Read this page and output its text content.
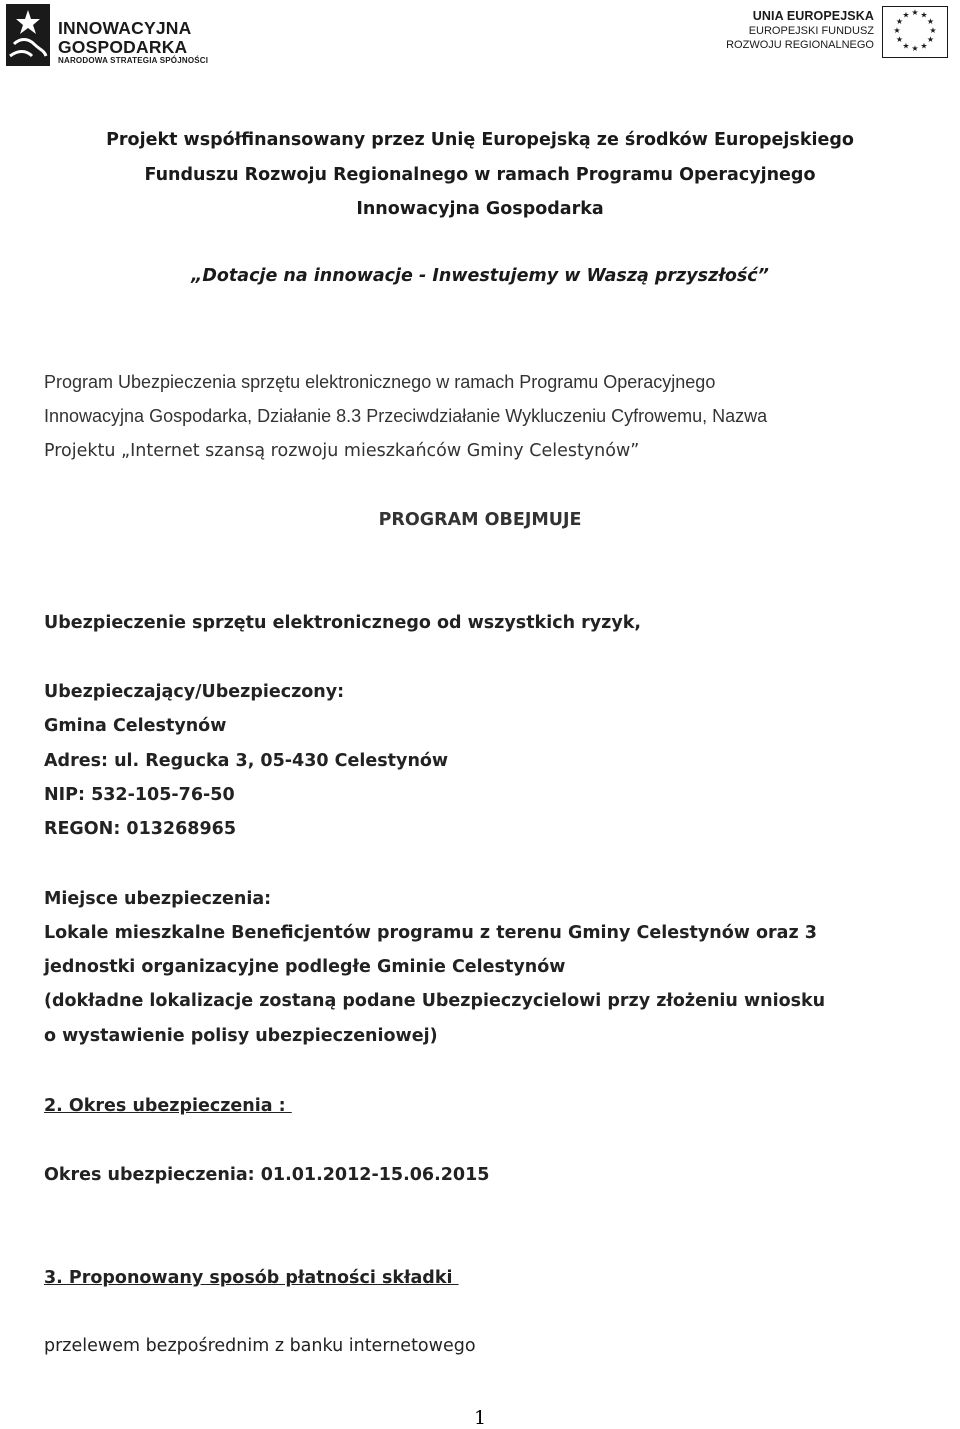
INNOWACYJNA
GOSPODARKA
NARODOWA STRATEGIA SPÓJNOŚCI
UNIA EUROPEJSKA
EUROPEJSKI FUNDUSZ
ROZWOJU REGIONALNEGO
★ ★
★
★
★
★
★
★
★
★
★
★
Projekt współfinansowany przez Unię Europejską ze środków Europejskiego
Funduszu Rozwoju Regionalnego w ramach Programu Operacyjnego
Innowacyjna Gospodarka
„Dotacje na innowacje - Inwestujemy w Waszą przyszłość”
Program Ubezpieczenia sprzętu elektronicznego w ramach Programu Operacyjnego
Innowacyjna Gospodarka, Działanie 8.3 Przeciwdziałanie Wykluczeniu Cyfrowemu, Nazwa
Projektu „Internet szansą rozwoju mieszkańców Gminy Celestynów”
PROGRAM OBEJMUJE
Ubezpieczenie sprzętu elektronicznego od wszystkich ryzyk,
Ubezpieczający/Ubezpieczony:
Gmina Celestynów
Adres: ul. Regucka 3, 05-430 Celestynów
NIP: 532-105-76-50
REGON: 013268965
Miejsce ubezpieczenia:
Lokale mieszkalne Beneficjentów programu z terenu Gminy Celestynów oraz 3
jednostki organizacyjne podległe Gminie Celestynów
(dokładne lokalizacje zostaną podane Ubezpieczycielowi przy złożeniu wniosku
o wystawienie polisy ubezpieczeniowej)
2. Okres ubezpieczenia :
Okres ubezpieczenia: 01.01.2012-15.06.2015
3. Proponowany sposób płatności składki
przelewem bezpośrednim z banku internetowego
1
